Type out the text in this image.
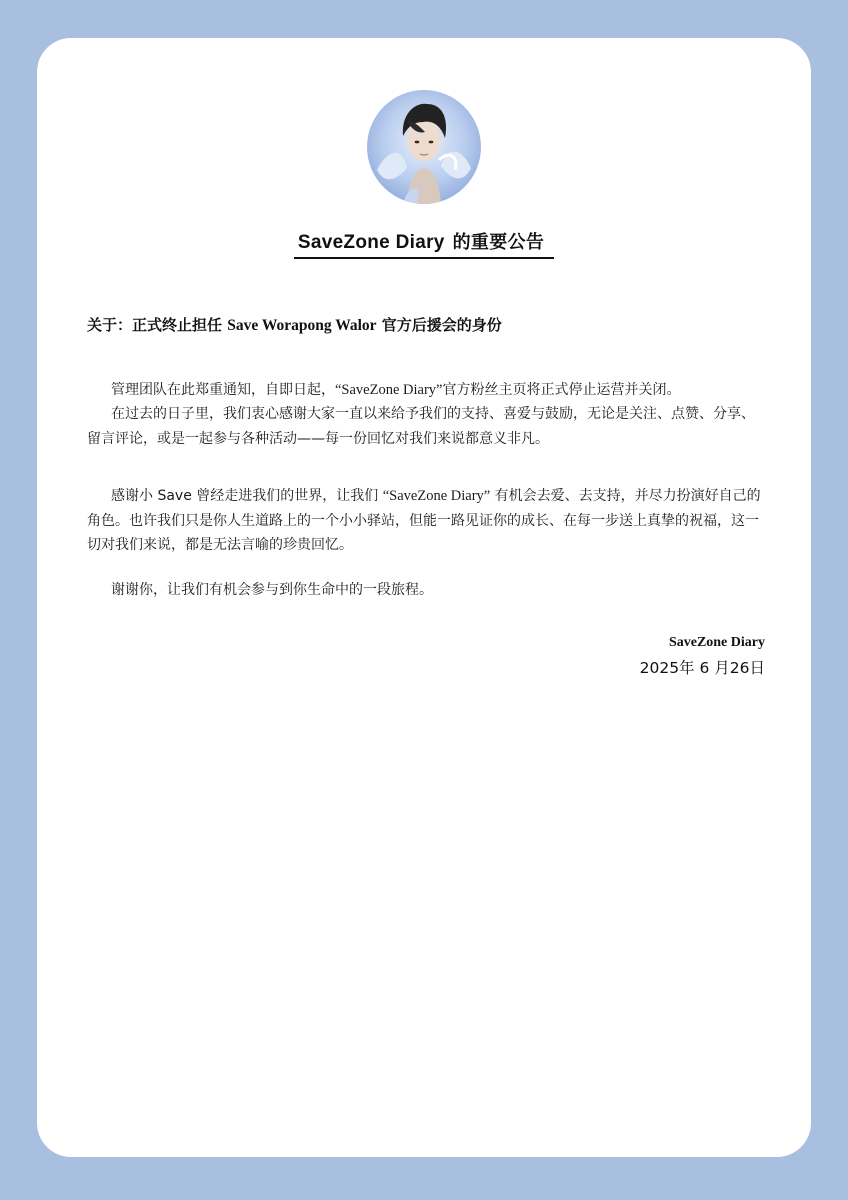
SaveZone Diary 的重要公告
关于：正式终止担任 Save Worapong Walor 官方后援会的身份

管理团队在此郑重通知，自即日起，“SaveZone Diary”官方粉丝主页将正式停止运营并关闭。

在过去的日子里，我们衷心感谢大家一直以来给予我们的支持、喜爱与鼓励，无论是关注、点赞、分享、留言评论，或是一起参与各种活动——每一份回忆对我们来说都意义非凡。

感谢小 Save 曾经走进我们的世界，让我们 “SaveZone Diary” 有机会去爱、去支持，并尽力扮演好自己的角色。也许我们只是你人生道路上的一个小小驿站，但能一路见证你的成长、在每一步送上真挚的祝福，这一切对我们来说，都是无法言喻的珍贵回忆。

谢谢你，让我们有机会参与到你生命中的一段旅程。

SaveZone Diary
2025年 6 月26日
